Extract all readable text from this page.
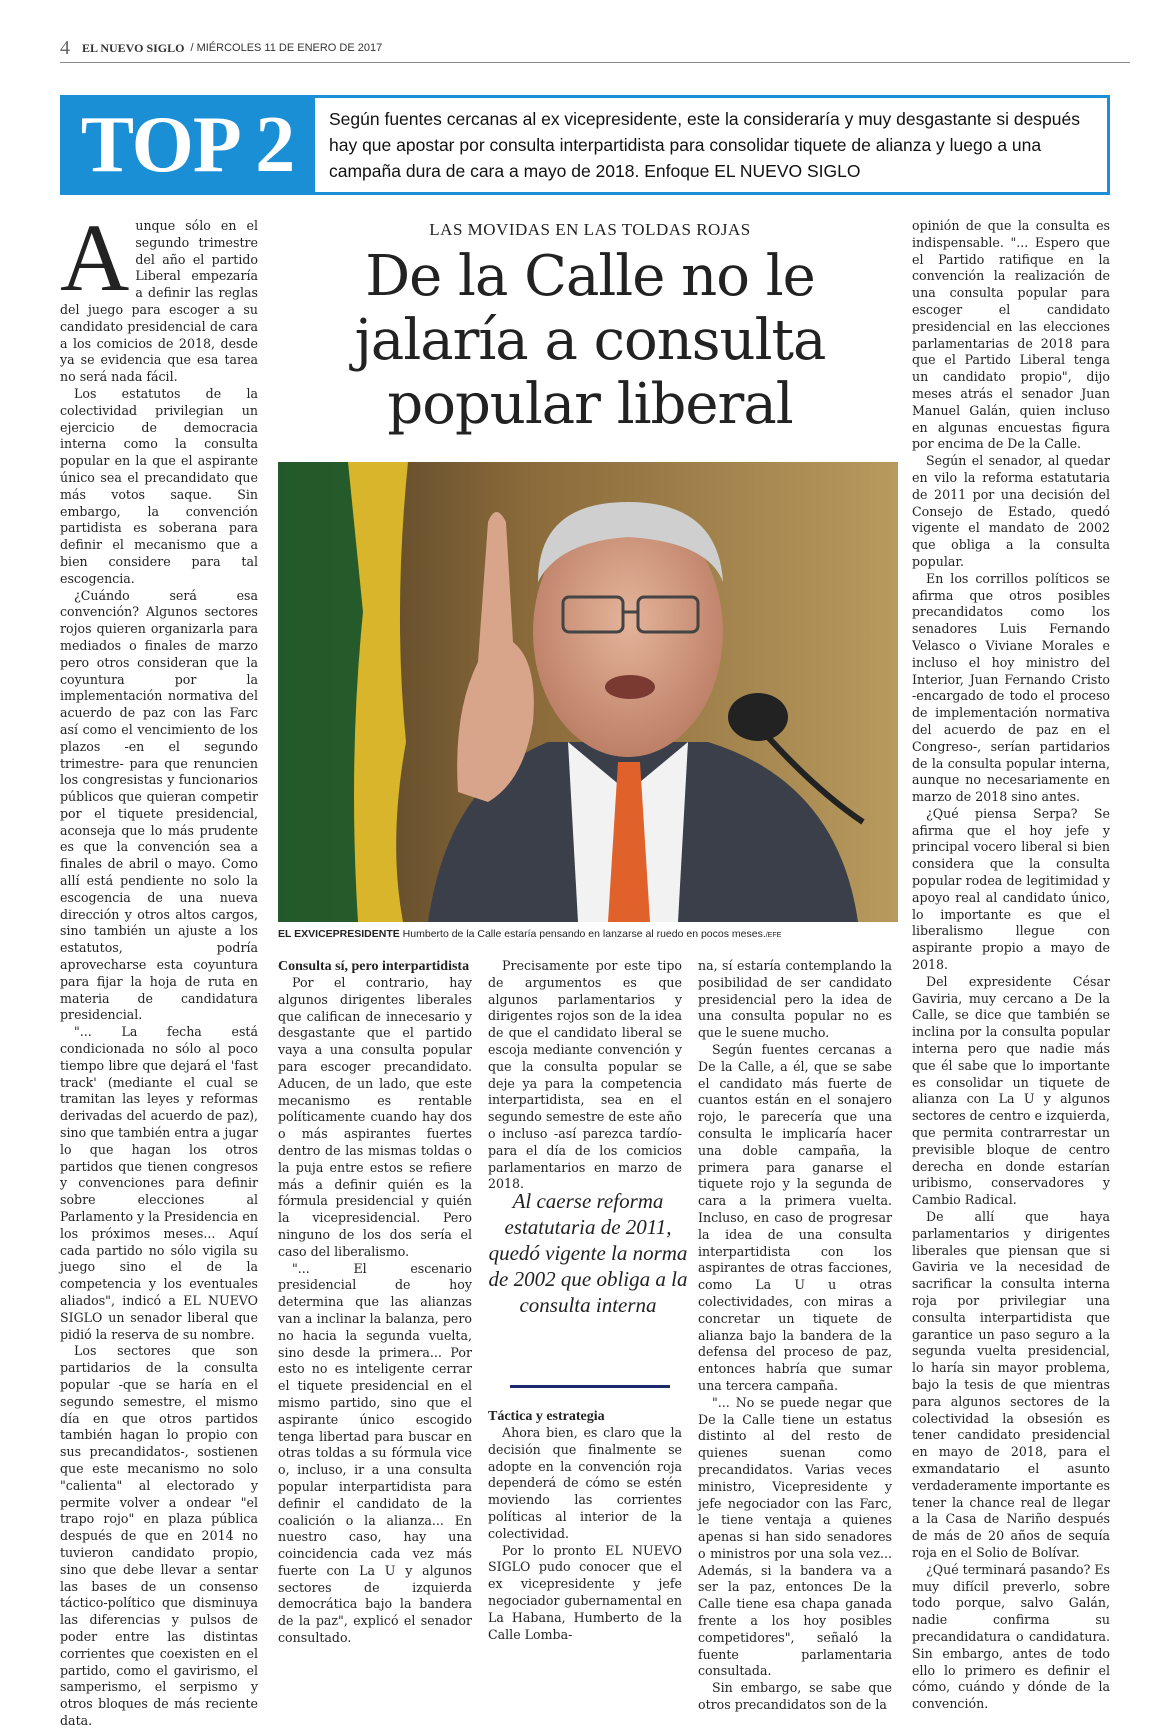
4 EL NUEVO SIGLO / MIÉRCOLES 11 DE ENERO DE 2017
TOP 2	Según fuentes cercanas al ex vicepresidente, este la consideraría y muy desgastante si después hay que apostar por consulta interpartidista para consolidar tiquete de alianza y luego a una campaña dura de cara a mayo de 2018. Enfoque EL NUEVO SIGLO
A unque sólo en el segundo trimestre del año el partido Liberal empezaría a definir las reglas del juego para escoger a su candidato presidencial de cara a los comicios de 2018, desde ya se evidencia que esa tarea no será nada fácil.

Los estatutos de la colectividad privilegian un ejercicio de democracia interna como la consulta popular en la que el aspirante único sea el precandidato que más votos saque. Sin embargo, la convención partidista es soberana para definir el mecanismo que a bien considere para tal escogencia.

¿Cuándo será esa convención? Algunos sectores rojos quieren organizarla para mediados o finales de marzo pero otros consideran que la coyuntura por la implementación normativa del acuerdo de paz con las Farc así como el vencimiento de los plazos -en el segundo trimestre- para que renuncien los congresistas y funcionarios públicos que quieran competir por el tiquete presidencial, aconseja que lo más prudente es que la convención sea a finales de abril o mayo. Como allí está pendiente no solo la escogencia de una nueva dirección y otros altos cargos, sino también un ajuste a los estatutos, podría aprovecharse esta coyuntura para fijar la hoja de ruta en materia de candidatura presidencial.

"... La fecha está condicionada no sólo al poco tiempo libre que dejará el 'fast track' (mediante el cual se tramitan las leyes y reformas derivadas del acuerdo de paz), sino que también entra a jugar lo que hagan los otros partidos que tienen congresos y convenciones para definir sobre elecciones al Parlamento y la Presidencia en los próximos meses... Aquí cada partido no sólo vigila su juego sino el de la competencia y los eventuales aliados", indicó a EL NUEVO SIGLO un senador liberal que pidió la reserva de su nombre.

Los sectores que son partidarios de la consulta popular -que se haría en el segundo semestre, el mismo día en que otros partidos también hagan lo propio con sus precandidatos-, sostienen que este mecanismo no solo "calienta" al electorado y permite volver a ondear "el trapo rojo" en plaza pública después de que en 2014 no tuvieron candidato propio, sino que debe llevar a sentar las bases de un consenso táctico-político que disminuya las diferencias y pulsos de poder entre las distintas corrientes que coexisten en el partido, como el gavirismo, el samperismo, el serpismo y otros bloques de más reciente data.

LAS MOVIDAS EN LAS TOLDAS ROJAS
De la Calle no le jalaría a consulta popular liberal
EL EXVICEPRESIDENTE Humberto de la Calle estaría pensando en lanzarse al ruedo en pocos meses./EFE

Consulta sí, pero interpartidista

Por el contrario, hay algunos dirigentes liberales que califican de innecesario y desgastante que el partido vaya a una consulta popular para escoger precandidato. Aducen, de un lado, que este mecanismo es rentable políticamente cuando hay dos o más aspirantes fuertes dentro de las mismas toldas o la puja entre estos se refiere más a definir quién es la fórmula presidencial y quién la vicepresidencial. Pero ninguno de los dos sería el caso del liberalismo.

"... El escenario presidencial de hoy determina que las alianzas van a inclinar la balanza, pero no hacia la segunda vuelta, sino desde la primera... Por esto no es inteligente cerrar el tiquete presidencial en el mismo partido, sino que el aspirante único escogido tenga libertad para buscar en otras toldas a su fórmula vice o, incluso, ir a una consulta popular interpartidista para definir el candidato de la coalición o la alianza... En nuestro caso, hay una coincidencia cada vez más fuerte con La U y algunos sectores de izquierda democrática bajo la bandera de la paz", explicó el senador consultado.

Precisamente por este tipo de argumentos es que algunos parlamentarios y dirigentes rojos son de la idea de que el candidato liberal se escoja mediante convención y que la consulta popular se deje ya para la competencia interpartidista, sea en el segundo semestre de este año o incluso -así parezca tardío- para el día de los comicios parlamentarios en marzo de 2018.

Al caerse reforma estatutaria de 2011, quedó vigente la norma de 2002 que obliga a la consulta interna

Táctica y estrategia

Ahora bien, es claro que la decisión que finalmente se adopte en la convención roja dependerá de cómo se estén moviendo las corrientes políticas al interior de la colectividad.

Por lo pronto EL NUEVO SIGLO pudo conocer que el ex vicepresidente y jefe negociador gubernamental en La Habana, Humberto de la Calle Lomba-

na, sí estaría contemplando la posibilidad de ser candidato presidencial pero la idea de una consulta popular no es que le suene mucho.

Según fuentes cercanas a De la Calle, a él, que se sabe el candidato más fuerte de cuantos están en el sonajero rojo, le parecería que una consulta le implicaría hacer una doble campaña, la primera para ganarse el tiquete rojo y la segunda de cara a la primera vuelta. Incluso, en caso de progresar la idea de una consulta interpartidista con los aspirantes de otras facciones, como La U u otras colectividades, con miras a concretar un tiquete de alianza bajo la bandera de la defensa del proceso de paz, entonces habría que sumar una tercera campaña.

"... No se puede negar que De la Calle tiene un estatus distinto al del resto de quienes suenan como precandidatos. Varias veces ministro, Vicepresidente y jefe negociador con las Farc, le tiene ventaja a quienes apenas si han sido senadores o ministros por una sola vez... Además, si la bandera va a ser la paz, entonces De la Calle tiene esa chapa ganada frente a los hoy posibles competidores", señaló la fuente parlamentaria consultada.

Sin embargo, se sabe que otros precandidatos son de la

opinión de que la consulta es indispensable. "... Espero que el Partido ratifique en la convención la realización de una consulta popular para escoger el candidato presidencial en las elecciones parlamentarias de 2018 para que el Partido Liberal tenga un candidato propio", dijo meses atrás el senador Juan Manuel Galán, quien incluso en algunas encuestas figura por encima de De la Calle.

Según el senador, al quedar en vilo la reforma estatutaria de 2011 por una decisión del Consejo de Estado, quedó vigente el mandato de 2002 que obliga a la consulta popular.

En los corrillos políticos se afirma que otros posibles precandidatos como los senadores Luis Fernando Velasco o Viviane Morales e incluso el hoy ministro del Interior, Juan Fernando Cristo -encargado de todo el proceso de implementación normativa del acuerdo de paz en el Congreso-, serían partidarios de la consulta popular interna, aunque no necesariamente en marzo de 2018 sino antes.

¿Qué piensa Serpa? Se afirma que el hoy jefe y principal vocero liberal si bien considera que la consulta popular rodea de legitimidad y apoyo real al candidato único, lo importante es que el liberalismo llegue con aspirante propio a mayo de 2018.

Del expresidente César Gaviria, muy cercano a De la Calle, se dice que también se inclina por la consulta popular interna pero que nadie más que él sabe que lo importante es consolidar un tiquete de alianza con La U y algunos sectores de centro e izquierda, que permita contrarrestar un previsible bloque de centro derecha en donde estarían uribismo, conservadores y Cambio Radical.

De allí que haya parlamentarios y dirigentes liberales que piensan que si Gaviria ve la necesidad de sacrificar la consulta interna roja por privilegiar una consulta interpartidista que garantice un paso seguro a la segunda vuelta presidencial, lo haría sin mayor problema, bajo la tesis de que mientras para algunos sectores de la colectividad la obsesión es tener candidato presidencial en mayo de 2018, para el exmandatario el asunto verdaderamente importante es tener la chance real de llegar a la Casa de Nariño después de más de 20 años de sequía roja en el Solio de Bolívar.

¿Qué terminará pasando? Es muy difícil preverlo, sobre todo porque, salvo Galán, nadie confirma su precandidatura o candidatura. Sin embargo, antes de todo ello lo primero es definir el cómo, cuándo y dónde de la convención.
